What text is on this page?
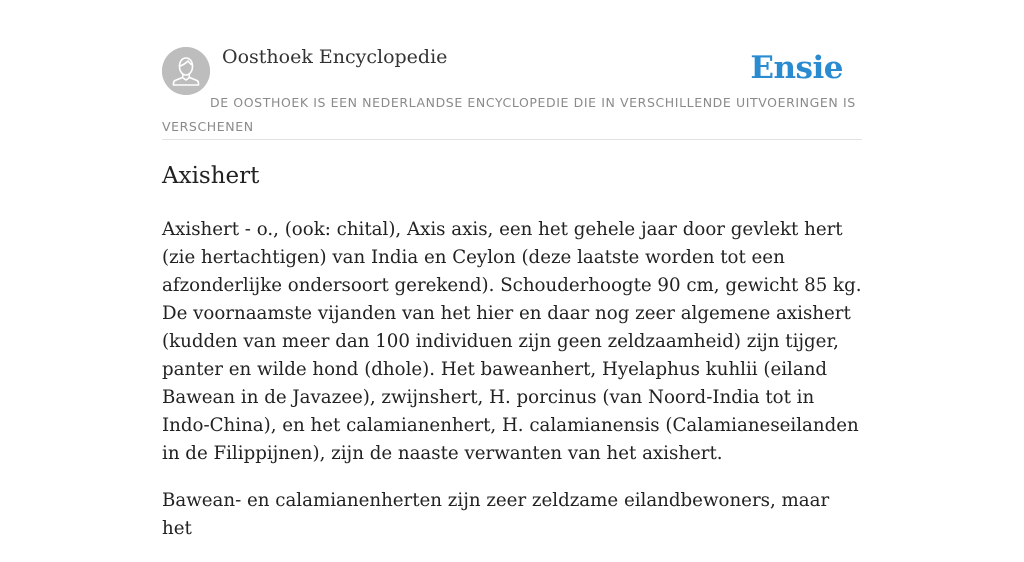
Oosthoek Encyclopedie	Ensie
DE OOSTHOEK IS EEN NEDERLANDSE ENCYCLOPEDIE DIE IN VERSCHILLENDE UITVOERINGEN IS VERSCHENEN
Axishert

Axishert - o., (ook: chital), Axis axis, een het gehele jaar door gevlekt hert (zie hertachtigen) van India en Ceylon (deze laatste worden tot een afzonderlijke ondersoort gerekend). Schouderhoogte 90 cm, gewicht 85 kg. De voornaamste vijanden van het hier en daar nog zeer algemene axishert (kudden van meer dan 100 individuen zijn geen zeldzaamheid) zijn tijger, panter en wilde hond (dhole). Het baweanhert, Hyelaphus kuhlii (eiland Bawean in de Javazee), zwijnshert, H. porcinus (van Noord-India tot in Indo-China), en het calamianenhert, H. calamianensis (Calamianeseilanden in de Filippijnen), zijn de naaste verwanten van het axishert.

Bawean- en calamianenherten zijn zeer zeldzame eilandbewoners, maar het
